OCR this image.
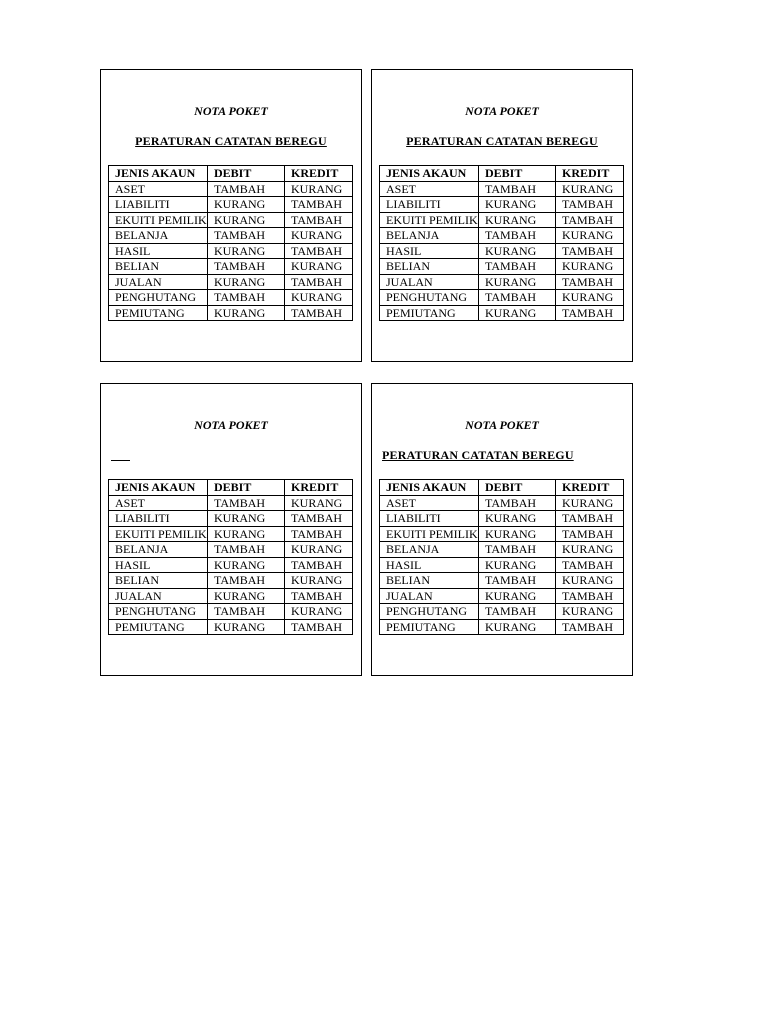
NOTA POKET
PERATURAN CATATAN BEREGU
JENIS AKAUN	DEBIT	KREDIT
ASET	TAMBAH	KURANG
LIABILITI	KURANG	TAMBAH
EKUITI PEMILIK	KURANG	TAMBAH
BELANJA	TAMBAH	KURANG
HASIL	KURANG	TAMBAH
BELIAN	TAMBAH	KURANG
JUALAN	KURANG	TAMBAH
PENGHUTANG	TAMBAH	KURANG
PEMIUTANG	KURANG	TAMBAH
NOTA POKET
PERATURAN CATATAN BEREGU
JENIS AKAUN	DEBIT	KREDIT
ASET	TAMBAH	KURANG
LIABILITI	KURANG	TAMBAH
EKUITI PEMILIK	KURANG	TAMBAH
BELANJA	TAMBAH	KURANG
HASIL	KURANG	TAMBAH
BELIAN	TAMBAH	KURANG
JUALAN	KURANG	TAMBAH
PENGHUTANG	TAMBAH	KURANG
PEMIUTANG	KURANG	TAMBAH
NOTA POKET
JENIS AKAUN	DEBIT	KREDIT
ASET	TAMBAH	KURANG
LIABILITI	KURANG	TAMBAH
EKUITI PEMILIK	KURANG	TAMBAH
BELANJA	TAMBAH	KURANG
HASIL	KURANG	TAMBAH
BELIAN	TAMBAH	KURANG
JUALAN	KURANG	TAMBAH
PENGHUTANG	TAMBAH	KURANG
PEMIUTANG	KURANG	TAMBAH
NOTA POKET
PERATURAN CATATAN BEREGU
JENIS AKAUN	DEBIT	KREDIT
ASET	TAMBAH	KURANG
LIABILITI	KURANG	TAMBAH
EKUITI PEMILIK	KURANG	TAMBAH
BELANJA	TAMBAH	KURANG
HASIL	KURANG	TAMBAH
BELIAN	TAMBAH	KURANG
JUALAN	KURANG	TAMBAH
PENGHUTANG	TAMBAH	KURANG
PEMIUTANG	KURANG	TAMBAH
